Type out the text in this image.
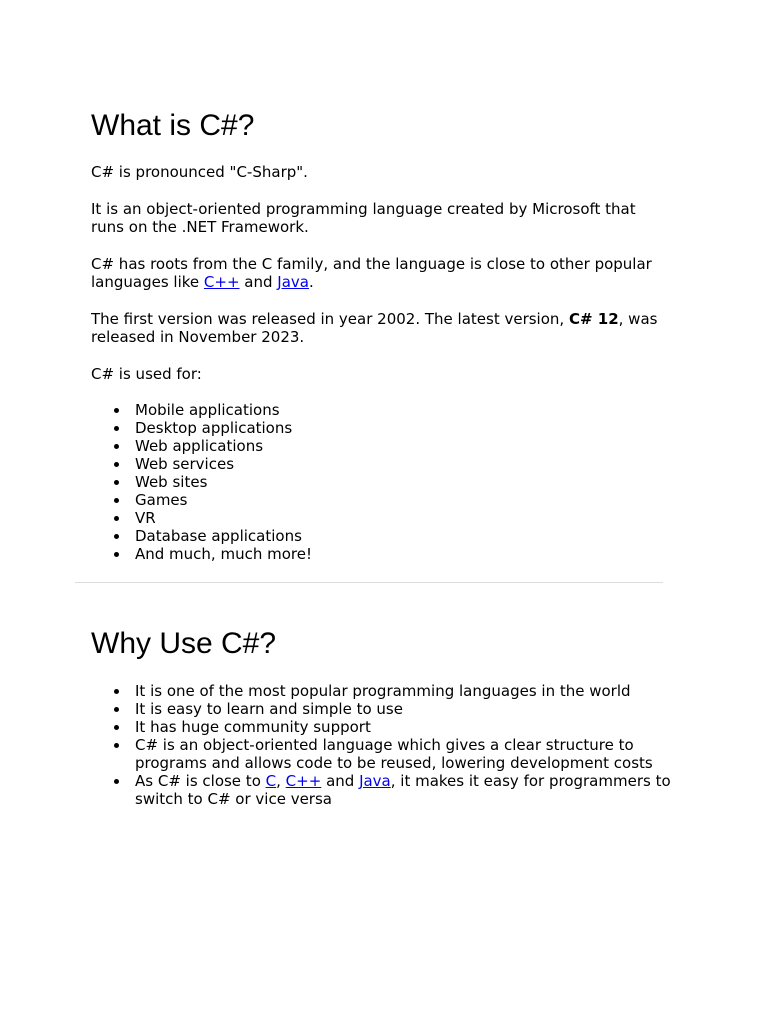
What is C#?

C# is pronounced "C-Sharp".

It is an object-oriented programming language created by Microsoft that runs on the .NET Framework.

C# has roots from the C family, and the language is close to other popular languages like C++ and Java.

The first version was released in year 2002. The latest version, C# 12, was released in November 2023.

C# is used for:

Mobile applications
Desktop applications
Web applications
Web services
Web sites
Games
VR
Database applications
And much, much more!
Why Use C#?
It is one of the most popular programming languages in the world
It is easy to learn and simple to use
It has huge community support
C# is an object-oriented language which gives a clear structure to programs and allows code to be reused, lowering development costs
As C# is close to C, C++ and Java, it makes it easy for programmers to switch to C# or vice versa
